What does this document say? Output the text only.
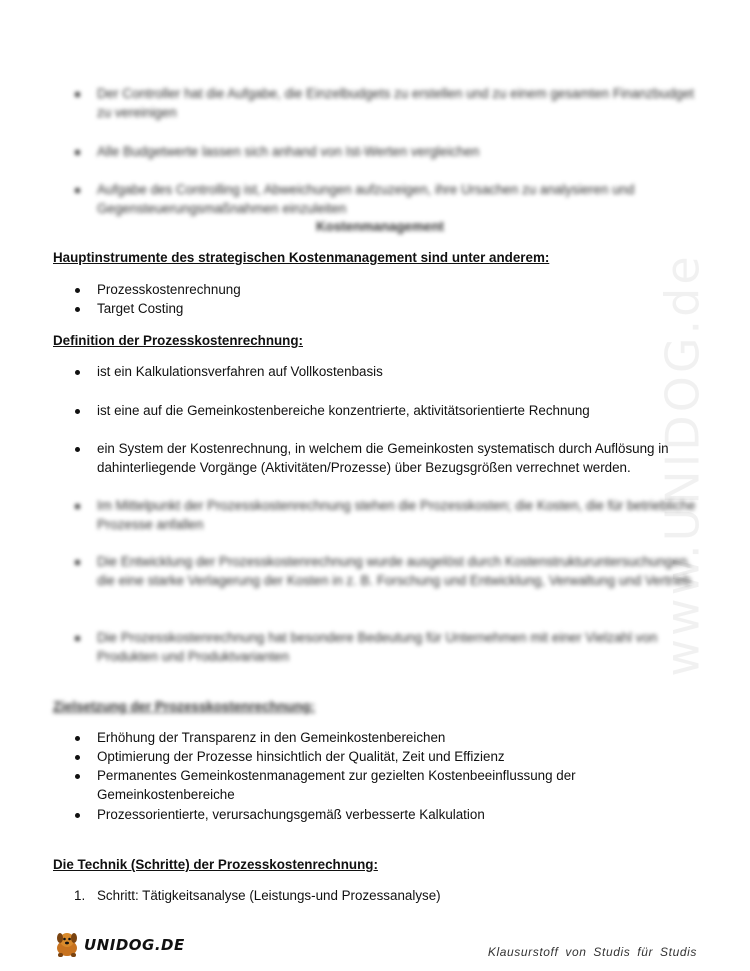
www.UNIDOG.de
Der Controller hat die Aufgabe, die Einzelbudgets zu erstellen und zu einem gesamten Finanzbudget zu vereinigen
Alle Budgetwerte lassen sich anhand von Ist-Werten vergleichen
Aufgabe des Controlling ist, Abweichungen aufzuzeigen, ihre Ursachen zu analysieren und Gegensteuerungsmaßnahmen einzuleiten
Kostenmanagement
Hauptinstrumente des strategischen Kostenmanagement sind unter anderem:
Prozesskostenrechnung
Target Costing
Definition der Prozesskostenrechnung:
ist ein Kalkulationsverfahren auf Vollkostenbasis
ist eine auf die Gemeinkostenbereiche konzentrierte, aktivitätsorientierte Rechnung
ein System der Kostenrechnung, in welchem die Gemeinkosten systematisch durch Auflösung in dahinterliegende Vorgänge (Aktivitäten/Prozesse) über Bezugsgrößen verrechnet werden.
Im Mittelpunkt der Prozesskostenrechnung stehen die Prozesskosten; die Kosten, die für betriebliche Prozesse anfallen
Die Entwicklung der Prozesskostenrechnung wurde ausgelöst durch Kostenstrukturuntersuchungen, die eine starke Verlagerung der Kosten in z. B. Forschung und Entwicklung, Verwaltung und Vertrieb
Die Prozesskostenrechnung hat besondere Bedeutung für Unternehmen mit einer Vielzahl von Produkten und Produktvarianten
Zielsetzung der Prozesskostenrechnung:
Erhöhung der Transparenz in den Gemeinkostenbereichen
Optimierung der Prozesse hinsichtlich der Qualität, Zeit und Effizienz
Permanentes Gemeinkostenmanagement zur gezielten Kostenbeeinflussung der Gemeinkostenbereiche
Prozessorientierte, verursachungsgemäß verbesserte Kalkulation
Die Technik (Schritte) der Prozesskostenrechnung:
1. Schritt: Tätigkeitsanalyse (Leistungs-und Prozessanalyse)
UNIDOG.DE	Klausurstoff von Studis für Studis
